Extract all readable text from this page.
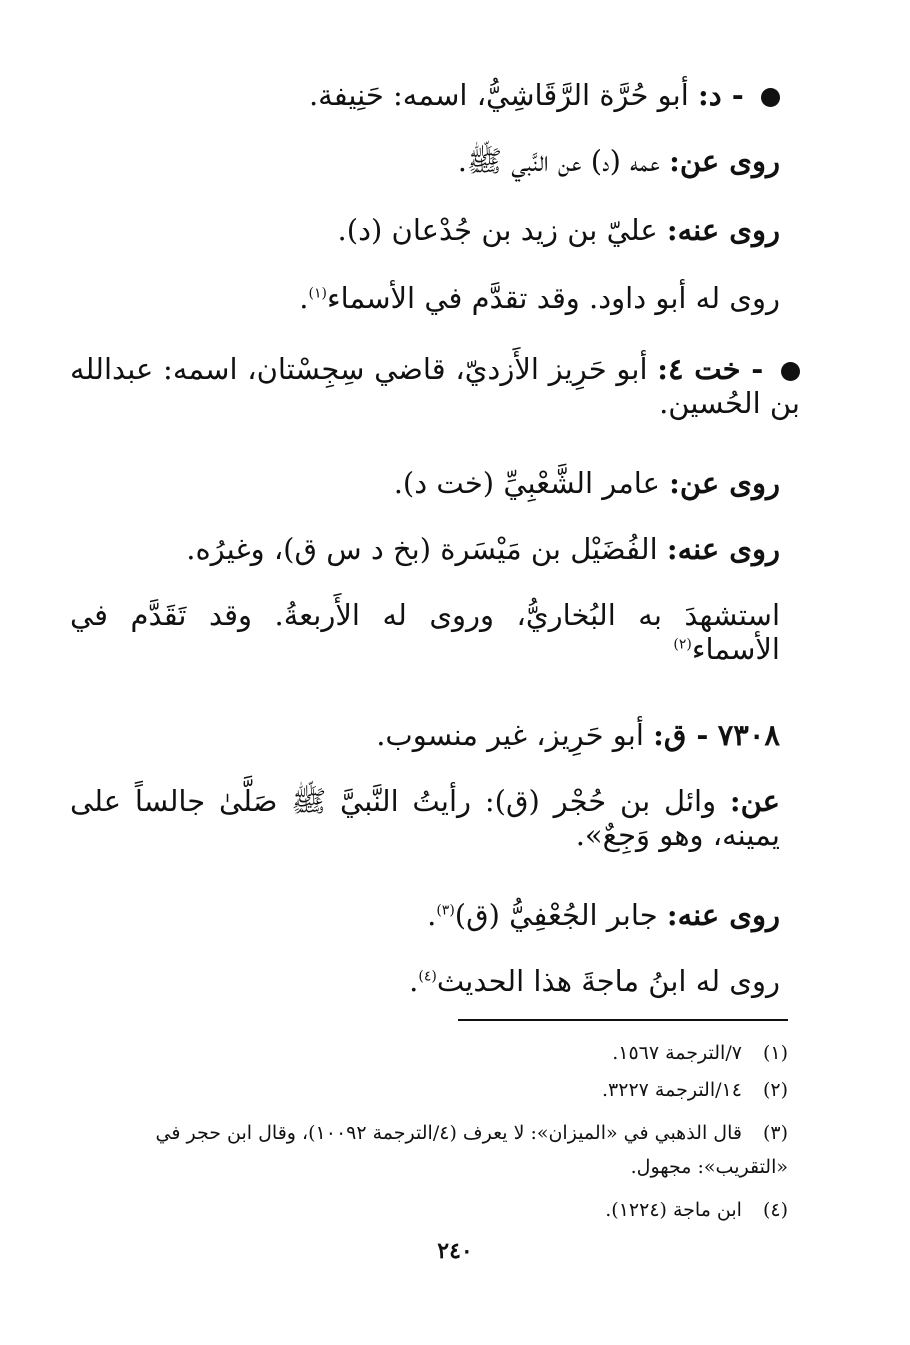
- د: أبو حُرَّة الرَّقَاشِيُّ، اسمه: حَنِيفة.
روى عن: عمه (د) عن النَّبي ﷺ.
روى عنه: عليّ بن زيد بن جُدْعان (د).
روى له أبو داود. وقد تقدَّم في الأسماء$^{(١)}$.
- خت ٤: أبو حَرِيز الأَزديّ، قاضي سِجِسْتان، اسمه: عبدالله بن الحُسين.
روى عن: عامر الشَّعْبِيِّ (خت د).
روى عنه: الفُضَيْل بن مَيْسَرة (بخ د س ق)، وغيرُه.
استشهدَ به البُخاريُّ، وروى له الأَربعةُ. وقد تَقَدَّم في الأسماء$^{(٢)}$
٧٣٠٨ - ق: أبو حَرِيز، غير منسوب.
عن: وائل بن حُجْر (ق): رأيتُ النَّبيَّ ﷺ صَلَّىٰ جالساً على يمينه، وهو وَجِعٌ».
روى عنه: جابر الجُعْفِيُّ (ق)$^{(٣)}$.
روى له ابنُ ماجةَ هذا الحديث$^{(٤)}$.
(١) ٧/الترجمة ١٥٦٧.
(٢) ١٤/الترجمة ٣٢٢٧.
(٣) قال الذهبي في «الميزان»: لا يعرف (٤/الترجمة ١٠٠٩٢)، وقال ابن حجر في «التقريب»: مجهول.
(٤) ابن ماجة (١٢٢٤).
٢٤٠
